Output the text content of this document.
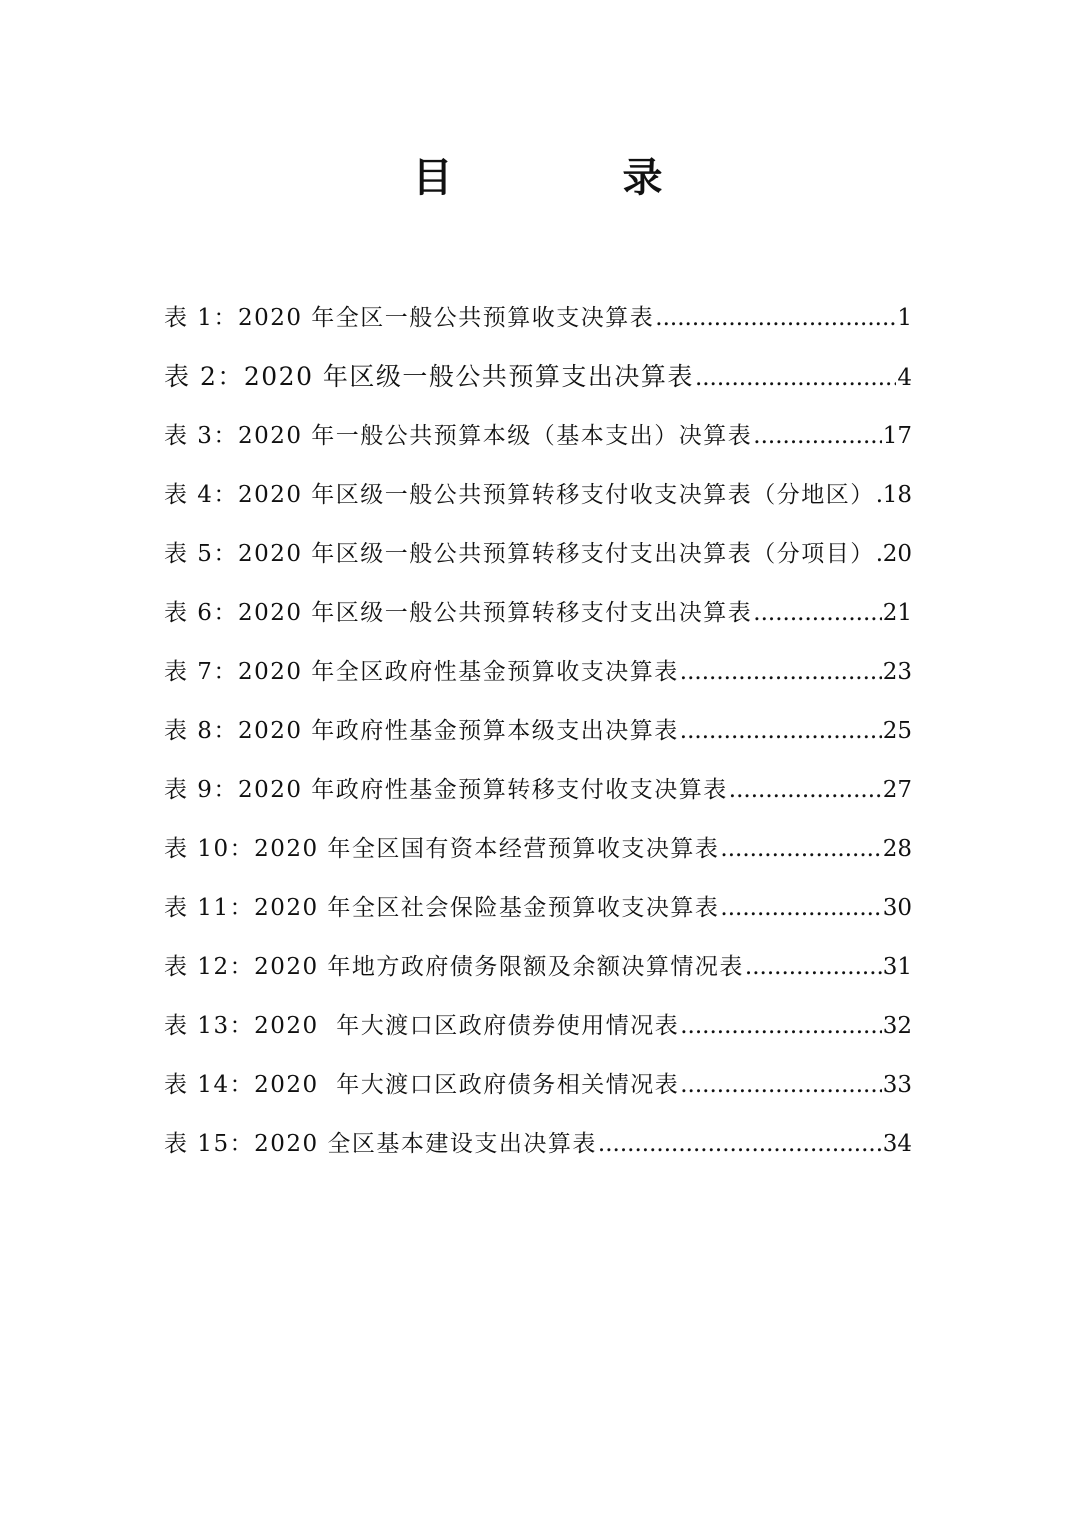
目 录
表 1：2020 年全区一般公共预算收支决算表 .....	1
表 2：2020 年区级一般公共预算支出决算表 .....	4
表 3：2020 年一般公共预算本级（基本支出）决算表 .....	17
表 4：2020 年区级一般公共预算转移支付收支决算表（分地区） ..... 18
表 5：2020 年区级一般公共预算转移支付支出决算表（分项目） ..... 20
表 6：2020 年区级一般公共预算转移支付支出决算表 .....	21
表 7：2020 年全区政府性基金预算收支决算表 .....	23
表 8：2020 年政府性基金预算本级支出决算表 .....	25
表 9：2020 年政府性基金预算转移支付收支决算表 .....	27
表 10：2020 年全区国有资本经营预算收支决算表 .....	28
表 11：2020 年全区社会保险基金预算收支决算表 .....	30
表 12：2020 年地方政府债务限额及余额决算情况表 .....	31
表 13：2020  年大渡口区政府债券使用情况表 .....	32
表 14：2020  年大渡口区政府债务相关情况表 .....	33
表 15：2020 全区基本建设支出决算表 .....	34
